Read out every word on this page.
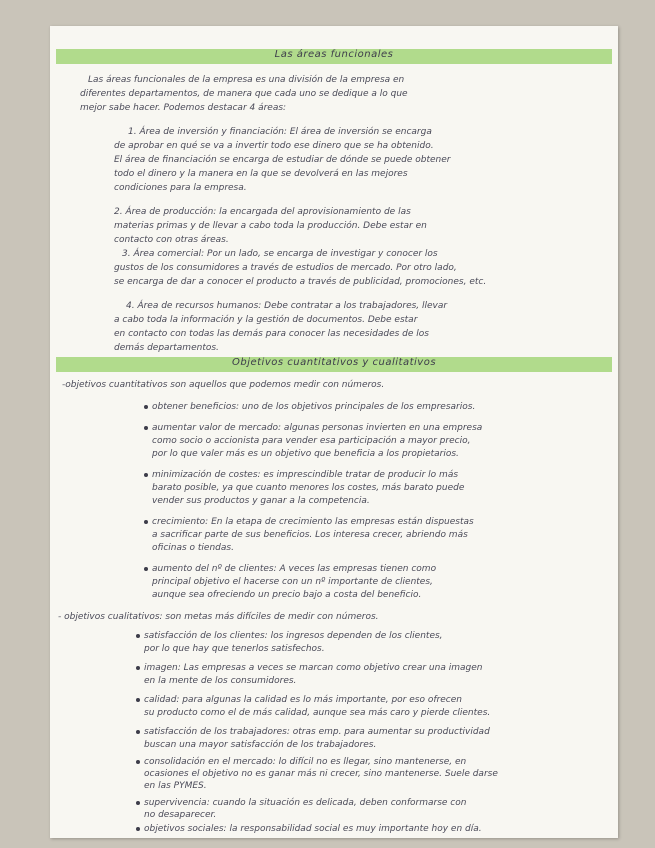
Las áreas funcionales
Las áreas funcionales de la empresa es una división de la empresa en
diferentes departamentos, de manera que cada uno se dedique a lo que
mejor sabe hacer. Podemos destacar 4 áreas:
1. Área de inversión y financiación: El área de inversión se encarga
de aprobar en qué se va a invertir todo ese dinero que se ha obtenido.
El área de financiación se encarga de estudiar de dónde se puede obtener
todo el dinero y la manera en la que se devolverá en las mejores
condiciones para la empresa.
2. Área de producción: la encargada del aprovisionamiento de las
materias primas y de llevar a cabo toda la producción. Debe estar en
contacto con otras áreas.
3. Área comercial: Por un lado, se encarga de investigar y conocer los
gustos de los consumidores a través de estudios de mercado. Por otro lado,
se encarga de dar a conocer el producto a través de publicidad, promociones, etc.
4. Área de recursos humanos: Debe contratar a los trabajadores, llevar
a cabo toda la información y la gestión de documentos. Debe estar
en contacto con todas las demás para conocer las necesidades de los
demás departamentos.
Objetivos cuantitativos y cualitativos
-objetivos cuantitativos son aquellos que podemos medir con números.
obtener beneficios: uno de los objetivos principales de los empresarios.
aumentar valor de mercado: algunas personas invierten en una empresa
como socio o accionista para vender esa participación a mayor precio,
por lo que valer más es un objetivo que beneficia a los propietarios.
minimización de costes: es imprescindible tratar de producir lo más
barato posible, ya que cuanto menores los costes, más barato puede
vender sus productos y ganar a la competencia.
crecimiento: En la etapa de crecimiento las empresas están dispuestas
a sacrificar parte de sus beneficios. Los interesa crecer, abriendo más
oficinas o tiendas.
aumento del nº de clientes: A veces las empresas tienen como
principal objetivo el hacerse con un nº importante de clientes,
aunque sea ofreciendo un precio bajo a costa del beneficio.
- objetivos cualitativos: son metas más difíciles de medir con números.
satisfacción de los clientes: los ingresos dependen de los clientes,
por lo que hay que tenerlos satisfechos.
imagen: Las empresas a veces se marcan como objetivo crear una imagen
en la mente de los consumidores.
calidad: para algunas la calidad es lo más importante, por eso ofrecen
su producto como el de más calidad, aunque sea más caro y pierde clientes.
satisfacción de los trabajadores: otras emp. para aumentar su productividad
buscan una mayor satisfacción de los trabajadores.
consolidación en el mercado: lo difícil no es llegar, sino mantenerse, en
ocasiones el objetivo no es ganar más ni crecer, sino mantenerse. Suele darse
en las PYMES.
supervivencia: cuando la situación es delicada, deben conformarse con
no desaparecer.
objetivos sociales: la responsabilidad social es muy importante hoy en día.
